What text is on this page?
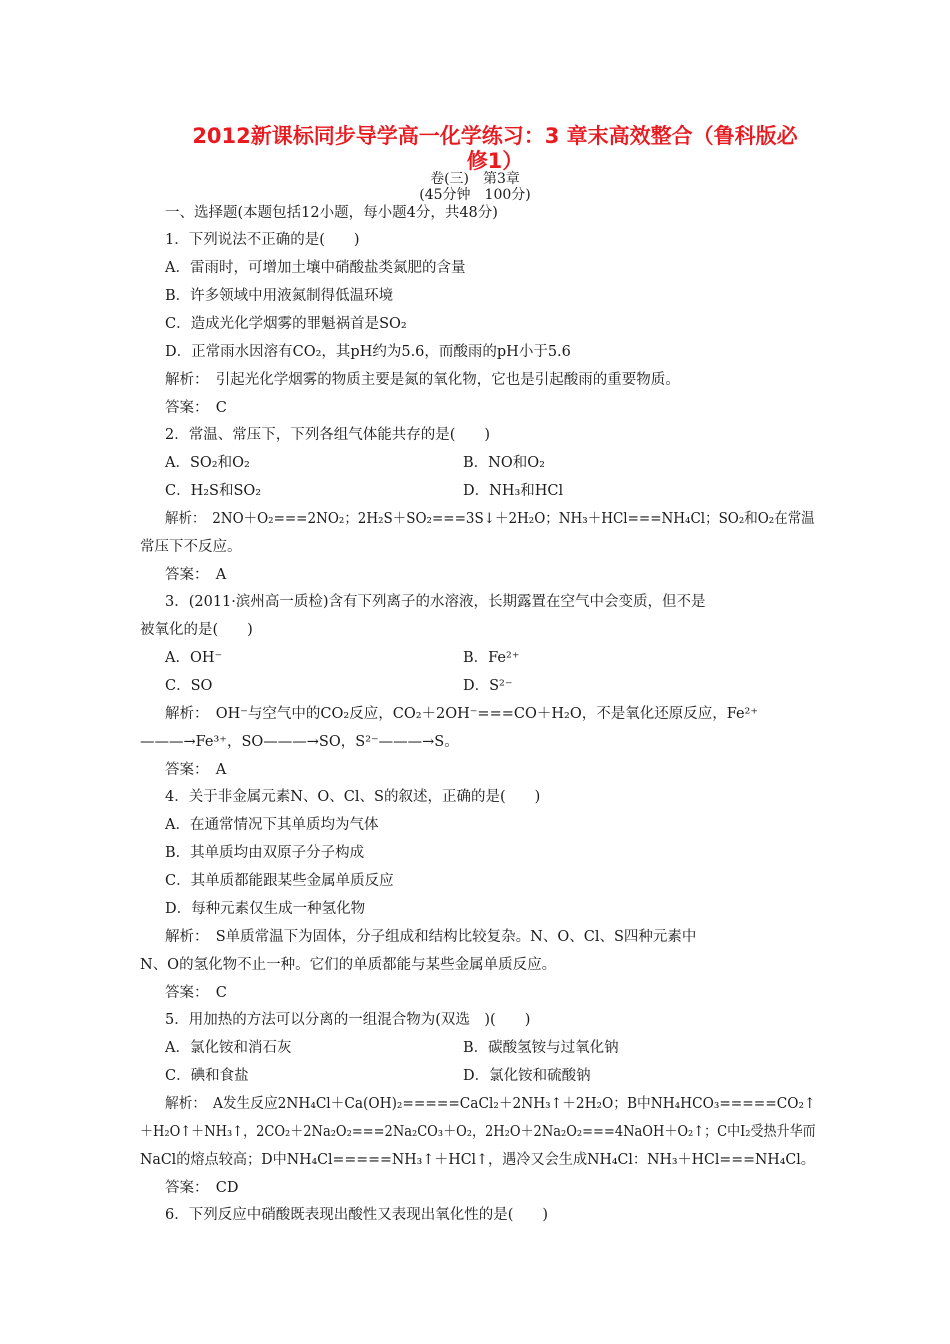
2012新课标同步导学高一化学练习：3 章末高效整合（鲁科版必
修1）
卷(三)　第3章
(45分钟　100分)
一、选择题(本题包括12小题，每小题4分，共48分)
1．下列说法不正确的是(　　)
A．雷雨时，可增加土壤中硝酸盐类氮肥的含量
B．许多领域中用液氮制得低温环境
C．造成光化学烟雾的罪魁祸首是SO₂
D．正常雨水因溶有CO₂，其pH约为5.6，而酸雨的pH小于5.6
解析：　引起光化学烟雾的物质主要是氮的氧化物，它也是引起酸雨的重要物质。
答案：　C
2．常温、常压下，下列各组气体能共存的是(　　)
A．SO₂和O₂	B．NO和O₂
C．H₂S和SO₂	D．NH₃和HCl
解析：　2NO＋O₂===2NO₂；2H₂S＋SO₂===3S↓＋2H₂O；NH₃＋HCl===NH₄Cl；SO₂和O₂在常温
常压下不反应。
答案：　A
3．(2011·滨州高一质检)含有下列离子的水溶液，长期露置在空气中会变质，但不是
被氧化的是(　　)
A．OH⁻	B．Fe²⁺
C．SO	D．S²⁻
解析：　OH⁻与空气中的CO₂反应，CO₂＋2OH⁻===CO＋H₂O，不是氧化还原反应，Fe²⁺
———→Fe³⁺，SO———→SO，S²⁻———→S。
答案：　A
4．关于非金属元素N、O、Cl、S的叙述，正确的是(　　)
A．在通常情况下其单质均为气体
B．其单质均由双原子分子构成
C．其单质都能跟某些金属单质反应
D．每种元素仅生成一种氢化物
解析：　S单质常温下为固体，分子组成和结构比较复杂。N、O、Cl、S四种元素中
N、O的氢化物不止一种。它们的单质都能与某些金属单质反应。
答案：　C
5．用加热的方法可以分离的一组混合物为(双选　)(　　)
A．氯化铵和消石灰	B．碳酸氢铵与过氧化钠
C．碘和食盐	D．氯化铵和硫酸钠
解析：　A发生反应2NH₄Cl＋Ca(OH)₂=====CaCl₂＋2NH₃↑＋2H₂O；B中NH₄HCO₃=====CO₂↑
＋H₂O↑＋NH₃↑，2CO₂＋2Na₂O₂===2Na₂CO₃＋O₂，2H₂O＋2Na₂O₂===4NaOH＋O₂↑；C中I₂受热升华而
NaCl的熔点较高；D中NH₄Cl=====NH₃↑＋HCl↑，遇冷又会生成NH₄Cl：NH₃＋HCl===NH₄Cl。
答案：　CD
6．下列反应中硝酸既表现出酸性又表现出氧化性的是(　　)
